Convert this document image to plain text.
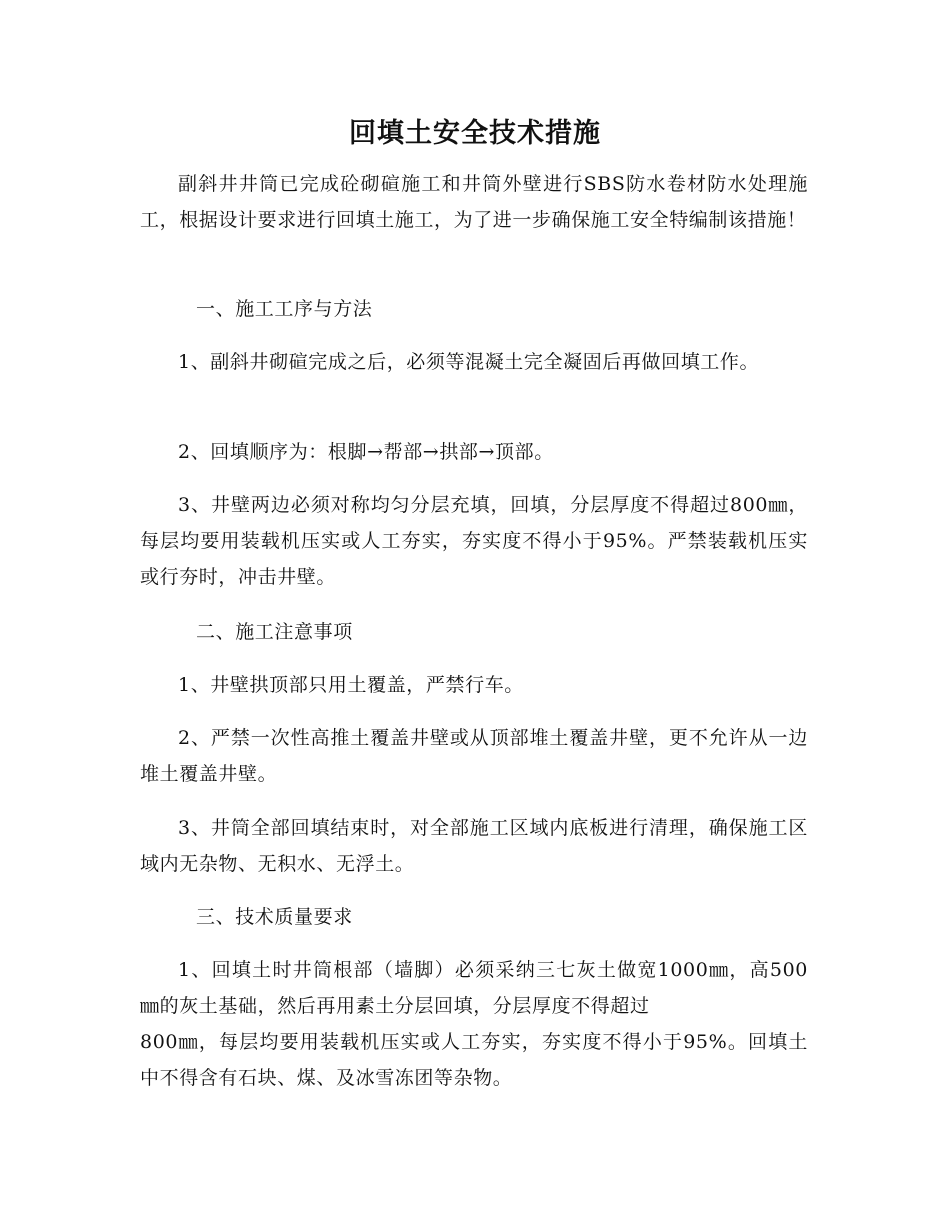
回填土安全技术措施

副斜井井筒已完成砼砌碹施工和井筒外壁进行SBS防水卷材防水处理施工，根据设计要求进行回填土施工，为了进一步确保施工安全特编制该措施！

一、施工工序与方法

1、副斜井砌碹完成之后，必须等混凝土完全凝固后再做回填工作。

2、回填顺序为：根脚→帮部→拱部→顶部。

3、井壁两边必须对称均匀分层充填，回填，分层厚度不得超过800㎜，每层均要用装载机压实或人工夯实，夯实度不得小于95%。严禁装载机压实或行夯时，冲击井壁。

二、施工注意事项

1、井壁拱顶部只用土覆盖，严禁行车。

2、严禁一次性高推土覆盖井壁或从顶部堆土覆盖井壁，更不允许从一边堆土覆盖井壁。

3、井筒全部回填结束时，对全部施工区域内底板进行清理，确保施工区域内无杂物、无积水、无浮土。

三、技术质量要求

1、回填土时井筒根部（墙脚）必须采纳三七灰土做宽1000㎜，高500㎜的灰土基础，然后再用素土分层回填，分层厚度不得超过

800㎜，每层均要用装载机压实或人工夯实，夯实度不得小于95%。回填土中不得含有石块、煤、及冰雪冻团等杂物。
